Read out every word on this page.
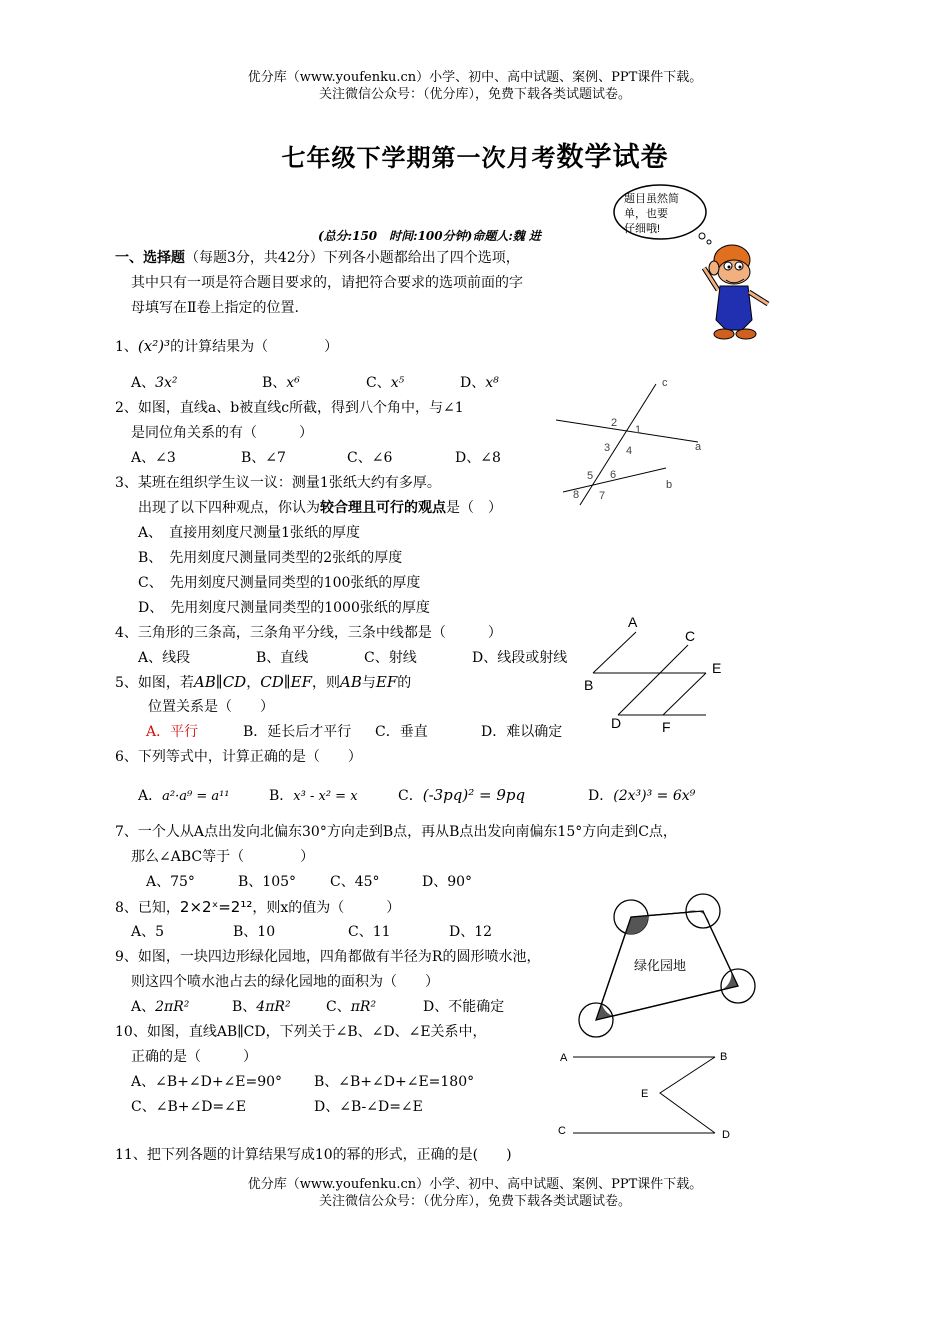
优分库（www.youfenku.cn）小学、初中、高中试题、案例、PPT课件下载。
关注微信公众号：（优分库），免费下载各类试题试卷。
七年级下学期第一次月考数学试卷
题目虽然简
单，也要
仔细哦!
(总分:150　时间:100分钟)命题人:魏 进
一、选择题（每题3分，共42分）下列各小题都给出了四个选项，
其中只有一项是符合题目要求的，请把符合要求的选项前面的字
母填写在Ⅱ卷上指定的位置.
1、(x²)³的计算结果为（　　　　）
A、3x²	B、x⁶	C、x⁵	D、x⁸
2、如图，直线a、b被直线c所截，得到八个角中，与∠1
是同位角关系的有（　　　）
A、∠3	B、∠7	C、∠6	D、∠8
c
a
b
2
1
3 4
5 6
8 7
3、某班在组织学生议一议：测量1张纸大约有多厚。
出现了以下四种观点，你认为较合理且可行的观点是（　）
A、　直接用刻度尺测量1张纸的厚度
B、　先用刻度尺测量同类型的2张纸的厚度
C、　先用刻度尺测量同类型的100张纸的厚度
D、　先用刻度尺测量同类型的1000张纸的厚度
4、三角形的三条高，三条角平分线，三条中线都是（　　　）
A、线段	B、直线	C、射线	D、线段或射线
A
C
E
B
D	F
5、如图，若AB∥CD，CD∥EF，则AB与EF的
位置关系是（　　）
A．平行	B．延长后才平行 C．垂直	D．难以确定
6、下列等式中，计算正确的是（　　）
A．a²·a⁹ = a¹¹	B．x³ - x² = x	C．(-3pq)² = 9pq	D．(2x³)³ = 6x⁹
7、一个人从A点出发向北偏东30°方向走到B点，再从B点出发向南偏东15°方向走到C点，
那么∠ABC等于（　　　　）
A、75°	B、105° C、45°	D、90°
8、已知，2×2ˣ=2¹²，则x的值为（　　　）
A、5	B、10	C、11	D、12
9、如图，一块四边形绿化园地，四角都做有半径为R的圆形喷水池，
则这四个喷水池占去的绿化园地的面积为（　　）
A、2πR²	B、4πR²	C、πR²	D、不能确定
绿化园地
10、如图，直线AB∥CD，下列关于∠B、∠D、∠E关系中，
正确的是（　　　）
A、∠B+∠D+∠E=90° B、∠B+∠D+∠E=180°
C、∠B+∠D=∠E	D、∠B-∠D=∠E
A	B
E
C	D
11、把下列各题的计算结果写成10的幂的形式，正确的是(　　)
优分库（www.youfenku.cn）小学、初中、高中试题、案例、PPT课件下载。
关注微信公众号：（优分库），免费下载各类试题试卷。
